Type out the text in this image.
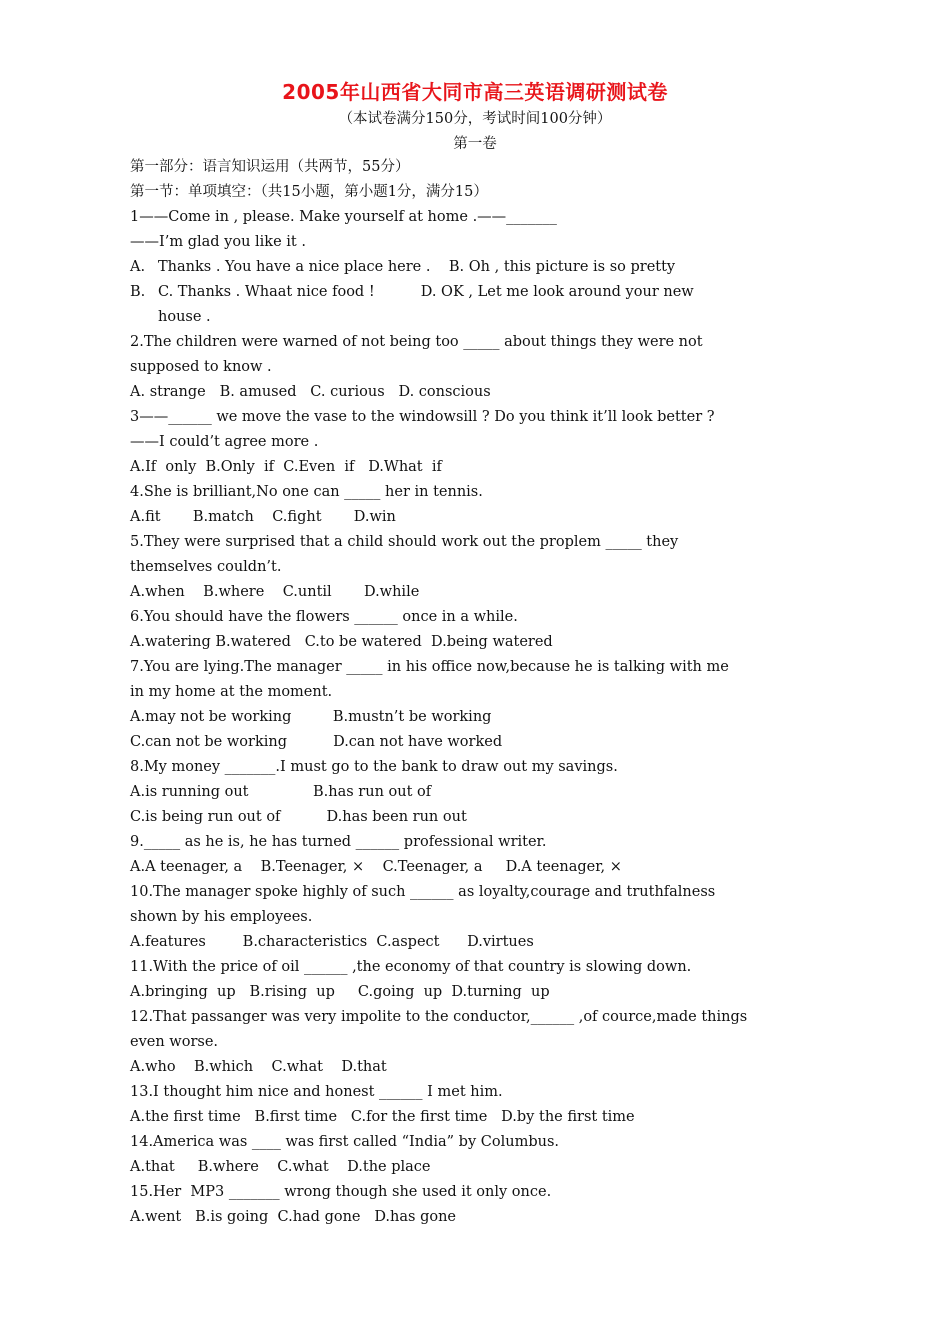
2005年山西省大同市高三英语调研测试卷
（本试卷满分150分，考试时间100分钟）
第一卷
第一部分：语言知识运用（共两节，55分）
第一节：单项填空：（共15小题，第小题1分，满分15）
1——Come in , please. Make yourself at home .——_______
——I’m glad you like it .
A. Thanks . You have a nice place here .    B. Oh , this picture is so pretty
B. C. Thanks . Whaat nice food !          D. OK , Let me look around your new
house .
2.The children were warned of not being too _____ about things they were not
supposed to know .
A. strange   B. amused   C. curious   D. conscious
3——______ we move the vase to the windowsill ? Do you think it’ll look better ?
——I could’t agree more .
A.If  only  B.Only  if  C.Even  if   D.What  if
4.She is brilliant,No one can _____ her in tennis.
A.fit       B.match    C.fight       D.win
5.They were surprised that a child should work out the proplem _____ they
themselves couldn’t.
A.when    B.where    C.until       D.while
6.You should have the flowers ______ once in a while.
A.watering B.watered   C.to be watered  D.being watered
7.You are lying.The manager _____ in his office now,because he is talking with me
in my home at the moment.
A.may not be working         B.mustn’t be working
C.can not be working          D.can not have worked
8.My money _______.I must go to the bank to draw out my savings.
A.is running out              B.has run out of
C.is being run out of          D.has been run out
9._____ as he is, he has turned ______ professional writer.
A.A teenager, a    B.Teenager, ×    C.Teenager, a     D.A teenager, ×
10.The manager spoke highly of such ______ as loyalty,courage and truthfalness
shown by his employees.
A.features        B.characteristics  C.aspect      D.virtues
11.With the price of oil ______ ,the economy of that country is slowing down.
A.bringing  up   B.rising  up     C.going  up  D.turning  up
12.That passanger was very impolite to the conductor,______ ,of cource,made things
even worse.
A.who    B.which    C.what    D.that
13.I thought him nice and honest ______ I met him.
A.the first time   B.first time   C.for the first time   D.by the first time
14.America was ____ was first called “India” by Columbus.
A.that     B.where    C.what    D.the place
15.Her  MP3 _______ wrong though she used it only once.
A.went   B.is going  C.had gone   D.has gone
